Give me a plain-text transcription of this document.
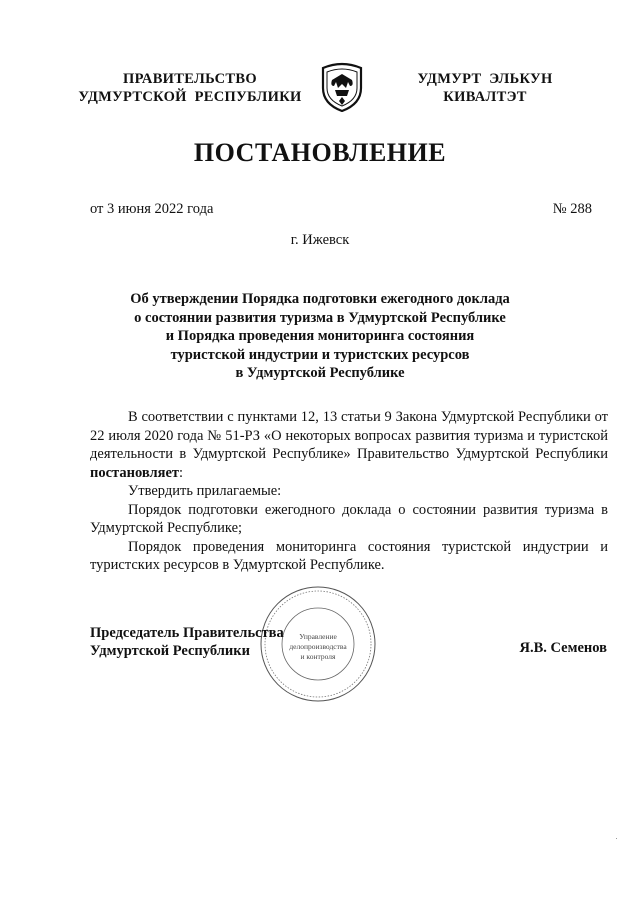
ПРАВИТЕЛЬСТВО
УДМУРТСКОЙ  РЕСПУБЛИКИ
УДМУРТ  ЭЛЬКУН
КИВАЛТЭТ
ПОСТАНОВЛЕНИЕ
от 3 июня 2022 года	№ 288
г. Ижевск
Об утверждении Порядка подготовки ежегодного доклада
о состоянии развития туризма в Удмуртской Республике
и Порядка проведения мониторинга состояния
туристской индустрии и туристских ресурсов
в Удмуртской Республике

В соответствии с пунктами 12, 13 статьи 9 Закона Удмуртской Республики от 22 июля 2020 года № 51-РЗ «О некоторых вопросах развития туризма и туристской деятельности в Удмуртской Республике» Правительство Удмуртской Республики постановляет:

Утвердить прилагаемые:

Порядок подготовки ежегодного доклада о состоянии развития туризма в Удмуртской Республике;

Порядок проведения мониторинга состояния туристской индустрии и туристских ресурсов в Удмуртской Республике.

Управление
делопроизводства
и контроля
Председатель Правительства
Удмуртской Республики	Я.В. Семенов
